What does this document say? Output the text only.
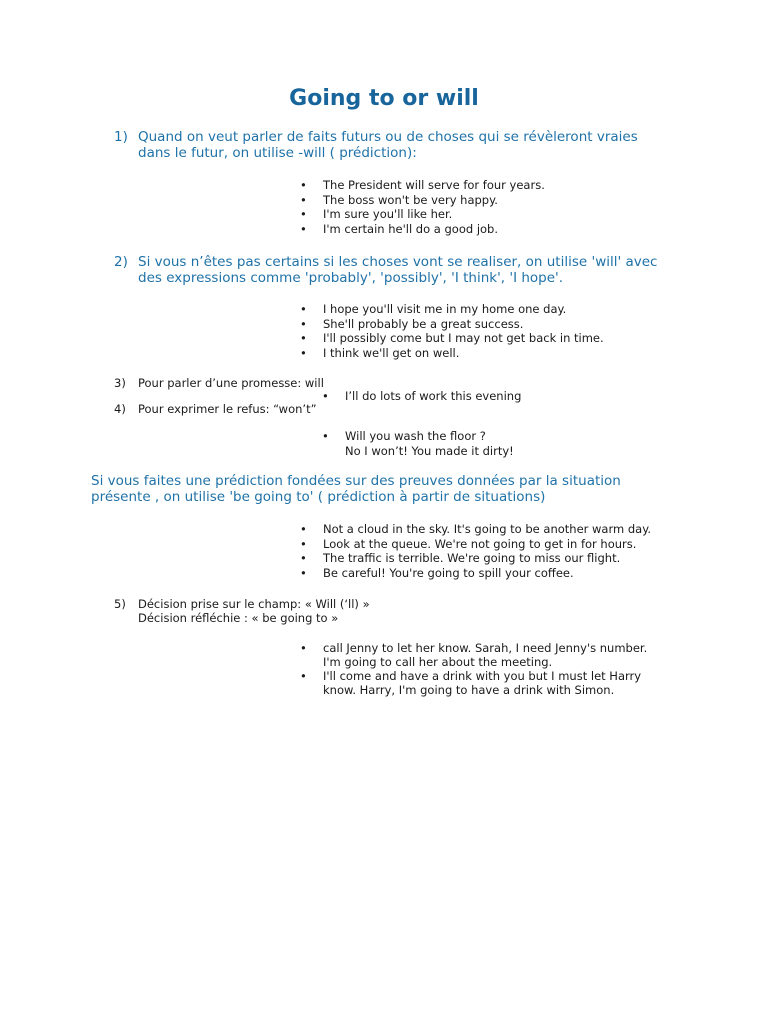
Going to or will
1) Quand on veut parler de faits futurs ou de choses qui se révèleront vraies
dans le futur, on utilise -will ( prédiction):
• The President will serve for four years.
• The boss won't be very happy.
• I'm sure you'll like her.
• I'm certain he'll do a good job.
2) Si vous n’êtes pas certains si les choses vont se realiser, on utilise 'will' avec
des expressions comme 'probably', 'possibly', 'I think', 'I hope'.
• I hope you'll visit me in my home one day.
• She'll probably be a great success.
• I'll possibly come but I may not get back in time.
• I think we'll get on well.
3) Pour parler d’une promesse: will
• I’ll do lots of work this evening
4) Pour exprimer le refus: “won’t”
• Will you wash the floor ?
No I won’t! You made it dirty!
Si vous faites une prédiction fondées sur des preuves données par la situation
présente , on utilise 'be going to' ( prédiction à partir de situations)
• Not a cloud in the sky. It's going to be another warm day.
• Look at the queue. We're not going to get in for hours.
• The traffic is terrible. We're going to miss our flight.
• Be careful! You're going to spill your coffee.
5) Décision prise sur le champ: « Will (‘ll) »
Décision réfléchie : « be going to »
• call Jenny to let her know. Sarah, I need Jenny's number.
I'm going to call her about the meeting.
• I'll come and have a drink with you but I must let Harry
know. Harry, I'm going to have a drink with Simon.
